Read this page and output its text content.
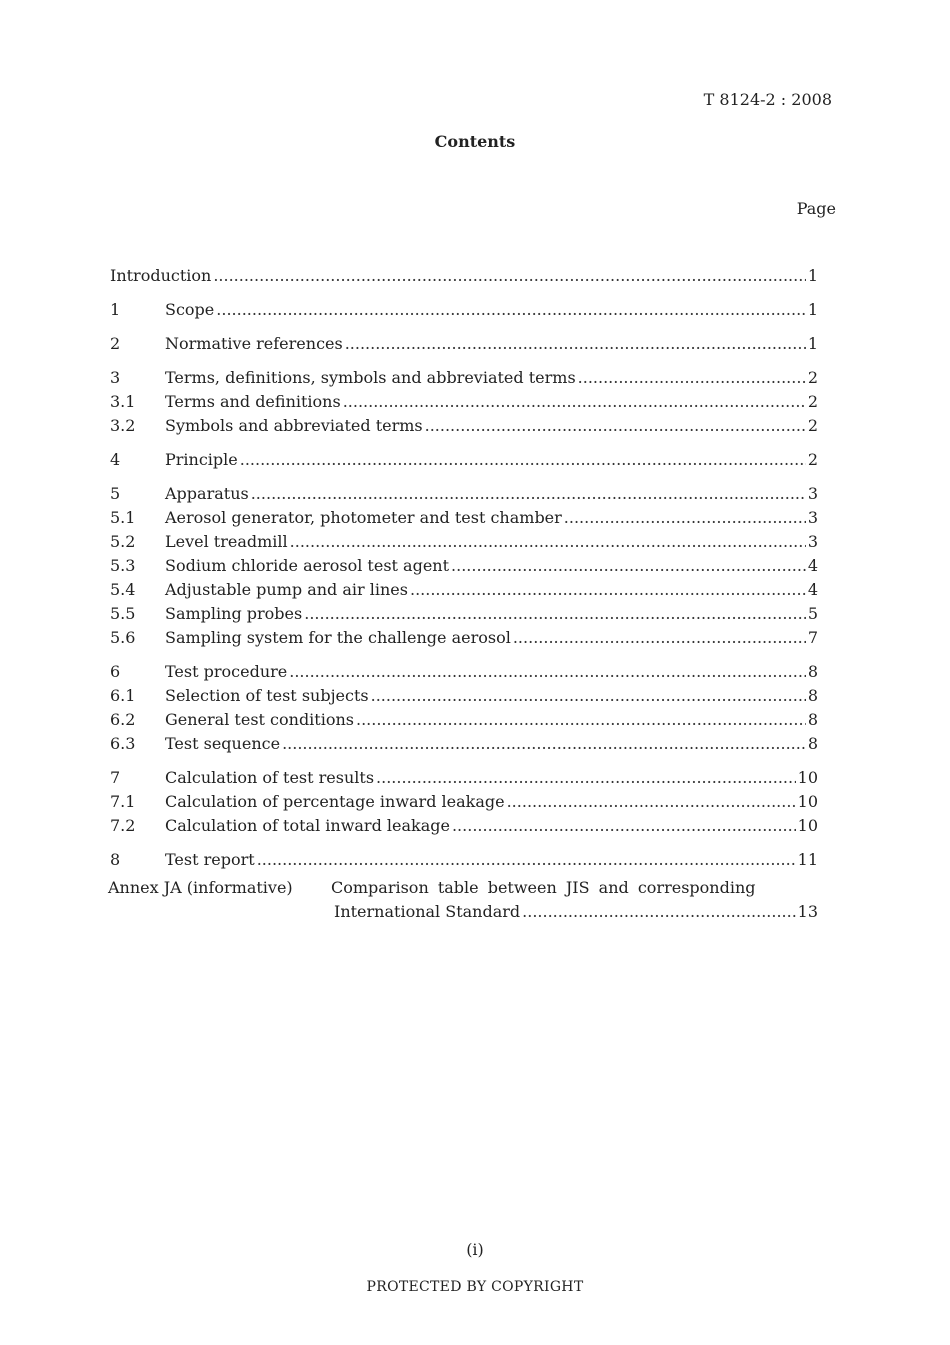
T 8124-2 : 2008
Contents
Page
Introduction .....	1
1	Scope .....	1
2	Normative references .....	1
3	Terms, definitions, symbols and abbreviated terms .....	2
3.1	Terms and definitions .....	2
3.2	Symbols and abbreviated terms .....	2
4	Principle .....	2
5	Apparatus .....	3
5.1	Aerosol generator, photometer and test chamber .....	3
5.2	Level treadmill .....	3
5.3	Sodium chloride aerosol test agent .....	4
5.4	Adjustable pump and air lines .....	4
5.5	Sampling probes .....	5
5.6	Sampling system for the challenge aerosol .....	7
6	Test procedure .....	8
6.1	Selection of test subjects .....	8
6.2	General test conditions .....	8
6.3	Test sequence .....	8
7	Calculation of test results .....	10
7.1	Calculation of percentage inward leakage .....	10
7.2	Calculation of total inward leakage .....	10
8	Test report .....	11
Annex JA (informative)	Comparison table between JIS and corresponding
International Standard .....	13
(i)
PROTECTED BY COPYRIGHT
